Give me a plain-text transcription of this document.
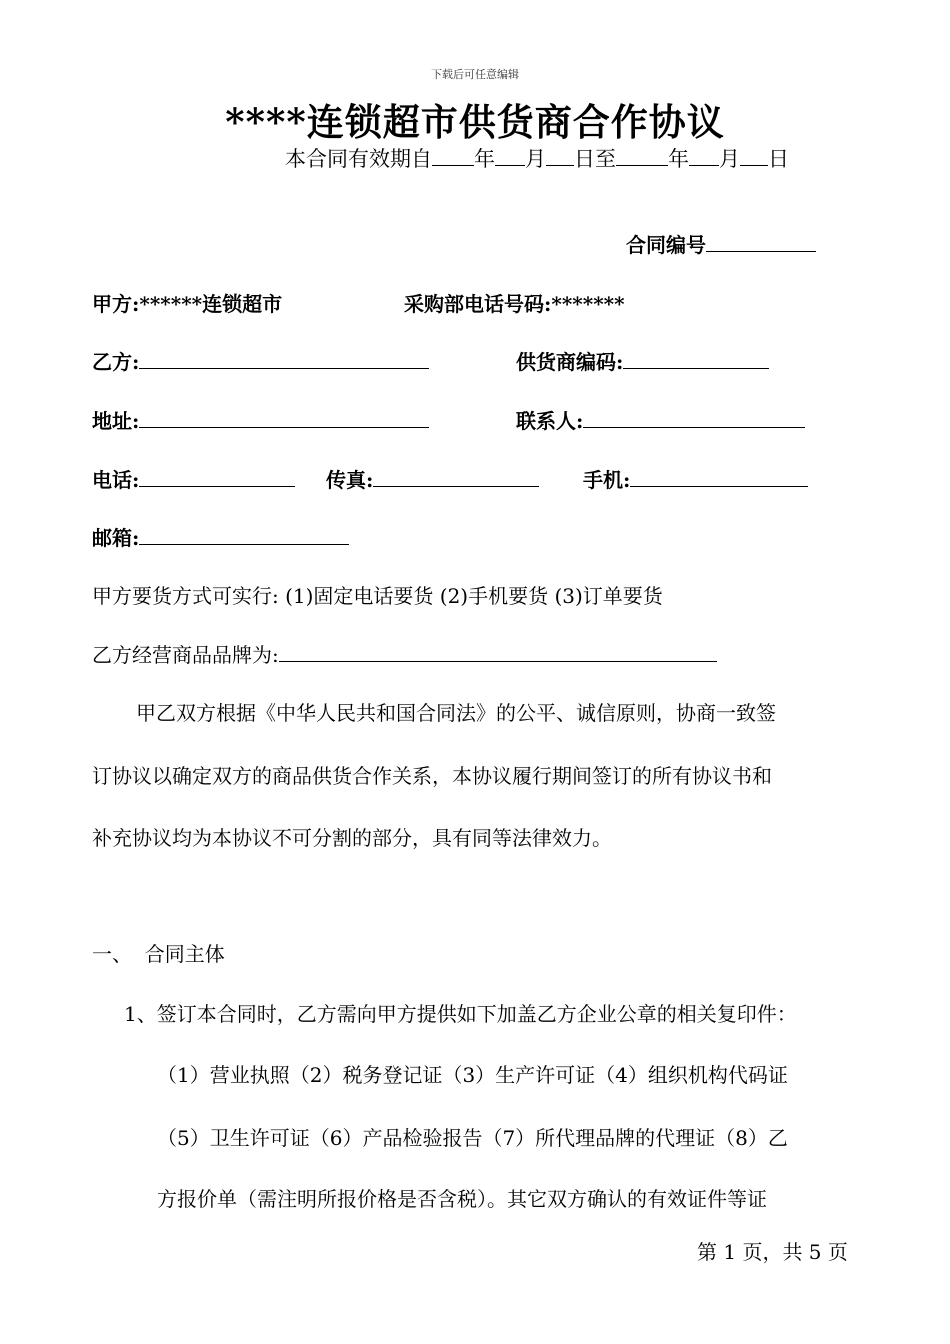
下载后可任意编辑
****连锁超市供货商合作协议
本合同有效期自 年 月 日至 年 月 日
合同编号
甲方:******连锁超市	采购部电话号码:*******
乙方:	供货商编码:
地址:	联系人:
电话:	传真:	手机:
邮箱:
甲方要货方式可实行: (1)固定电话要货 (2)手机要货 (3)订单要货
乙方经营商品品牌为:
甲乙双方根据《中华人民共和国合同法》的公平、诚信原则，协商一致签
订协议以确定双方的商品供货合作关系，本协议履行期间签订的所有协议书和
补充协议均为本协议不可分割的部分，具有同等法律效力。
一、  合同主体
1、签订本合同时，乙方需向甲方提供如下加盖乙方企业公章的相关复印件：
（1）营业执照（2）税务登记证（3）生产许可证（4）组织机构代码证
（5）卫生许可证（6）产品检验报告（7）所代理品牌的代理证（8）乙
方报价单（需注明所报价格是否含税）。其它双方确认的有效证件等证
第 1 页，共 5 页
